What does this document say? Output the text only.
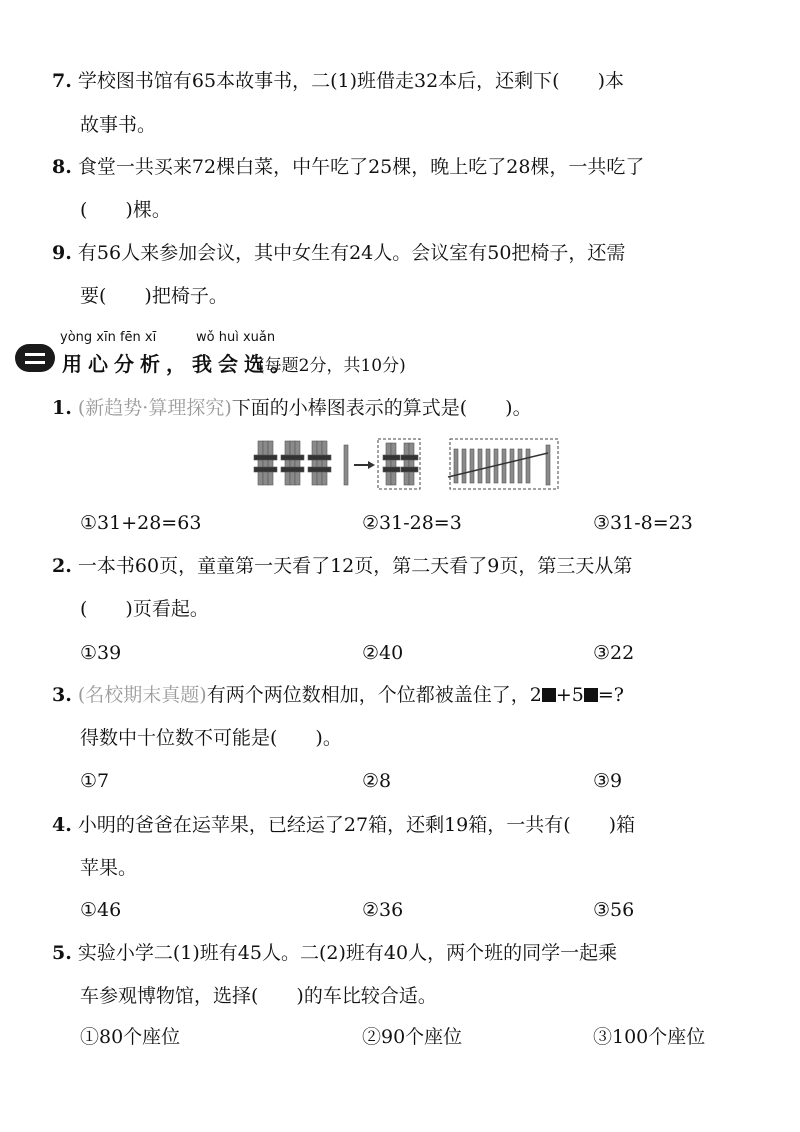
7. 学校图书馆有65本故事书，二(1)班借走32本后，还剩下(　　)本
故事书。
8. 食堂一共买来72棵白菜，中午吃了25棵，晚上吃了28棵，一共吃了
(　　)棵。
9. 有56人来参加会议，其中女生有24人。会议室有50把椅子，还需
要(　　)把椅子。
yòng xīn fēn xī	wǒ huì xuǎn
用心分析，我会选。
(每题2分，共10分)
1. (新趋势·算理探究)下面的小棒图表示的算式是(　　)。
①31+28=63	②31-28=3	③31-8=23
2. 一本书60页，童童第一天看了12页，第二天看了9页，第三天从第
(　　)页看起。
①39	②40	③22
3. (名校期末真题)有两个两位数相加，个位都被盖住了，2 +5 =?
得数中十位数不可能是(　　)。
①7	②8	③9
4. 小明的爸爸在运苹果，已经运了27箱，还剩19箱，一共有(　　)箱
苹果。
①46	②36	③56
5. 实验小学二(1)班有45人。二(2)班有40人，两个班的同学一起乘
车参观博物馆，选择(　　)的车比较合适。
①80个座位	②90个座位	③100个座位
